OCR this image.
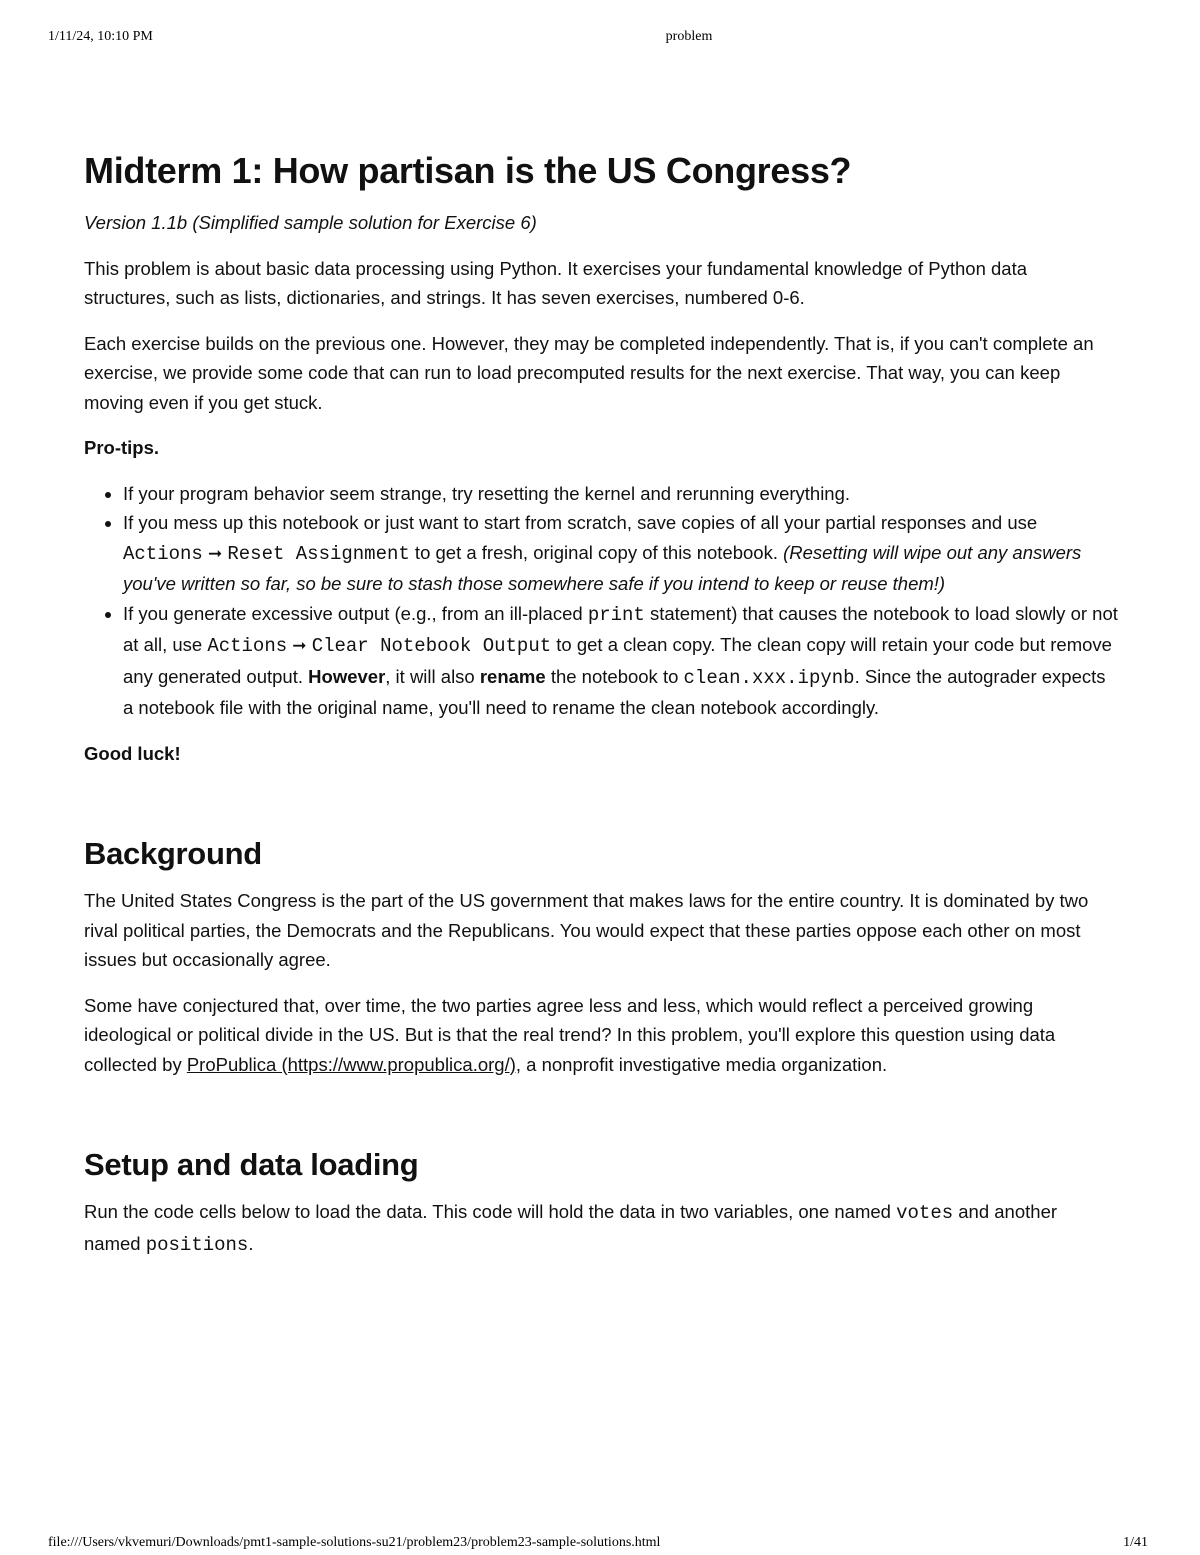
1/11/24, 10:10 PM	problem
Midterm 1: How partisan is the US Congress?

Version 1.1b (Simplified sample solution for Exercise 6)

This problem is about basic data processing using Python. It exercises your fundamental knowledge of Python data structures, such as lists, dictionaries, and strings. It has seven exercises, numbered 0-6.

Each exercise builds on the previous one. However, they may be completed independently. That is, if you can't complete an exercise, we provide some code that can run to load precomputed results for the next exercise. That way, you can keep moving even if you get stuck.

Pro-tips.

• If your program behavior seem strange, try resetting the kernel and rerunning everything.
• If you mess up this notebook or just want to start from scratch, save copies of all your partial responses and use Actions ➞ Reset Assignment to get a fresh, original copy of this notebook. (Resetting will wipe out any answers you've written so far, so be sure to stash those somewhere safe if you intend to keep or reuse them!)
• If you generate excessive output (e.g., from an ill-placed print statement) that causes the notebook to load slowly or not at all, use Actions ➞ Clear Notebook Output to get a clean copy. The clean copy will retain your code but remove any generated output. However, it will also rename the notebook to clean.xxx.ipynb. Since the autograder expects a notebook file with the original name, you'll need to rename the clean notebook accordingly.

Good luck!

Background

The United States Congress is the part of the US government that makes laws for the entire country. It is dominated by two rival political parties, the Democrats and the Republicans. You would expect that these parties oppose each other on most issues but occasionally agree.

Some have conjectured that, over time, the two parties agree less and less, which would reflect a perceived growing ideological or political divide in the US. But is that the real trend? In this problem, you'll explore this question using data collected by ProPublica (https://www.propublica.org/), a nonprofit investigative media organization.

Setup and data loading

Run the code cells below to load the data. This code will hold the data in two variables, one named votes and another named positions.

file:///Users/vkvemuri/Downloads/pmt1-sample-solutions-su21/problem23/problem23-sample-solutions.html	1/41
